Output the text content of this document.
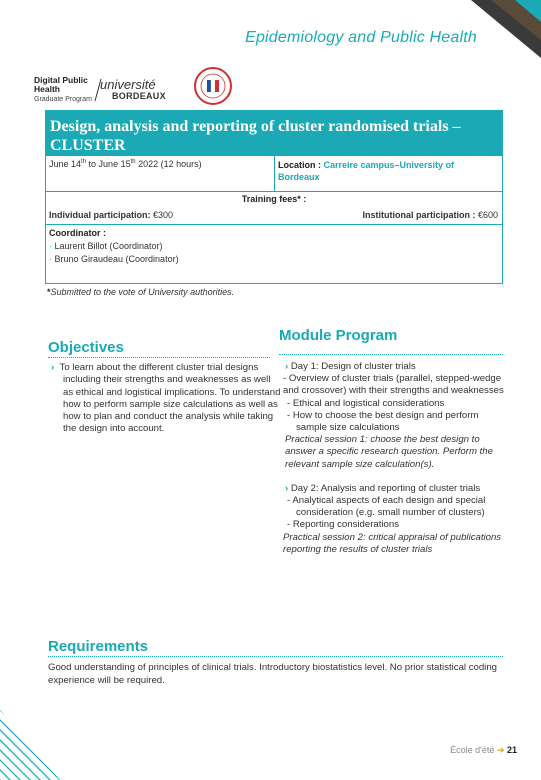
Epidemiology and Public Health
Digital Public
Health
Graduate Program
université
BORDEAUX
Design, analysis and reporting of cluster randomised trials – CLUSTER
June 14th to June 15th 2022 (12 hours)	Location : Carreire campus–University of Bordeaux
Training fees* :
Individual participation: €300	Institutional participation : €600
Coordinator :
· Laurent Billot (Coordinator)
· Bruno Giraudeau (Coordinator)
*Submitted to the vote of University authorities.
Module Program
Objectives
›  To learn about the different cluster trial designs including their strengths and weaknesses as well as ethical and logistical implications. To understand how to perform sample size calculations as well as how to plan and conduct the analysis while taking the design into account.
› Day 1: Design of cluster trials
- Overview of cluster trials (parallel, stepped-wedge and crossover) with their strengths and weaknesses
- Ethical and logistical considerations
- How to choose the best design and perform sample size calculations
Practical session 1: choose the best design to answer a specific research question. Perform the relevant sample size calculation(s).
› Day 2: Analysis and reporting of cluster trials
- Analytical aspects of each design and special consideration (e.g. small number of clusters)
- Reporting considerations
Practical session 2: critical appraisal of publications reporting the results of cluster trials
Requirements
Good understanding of principles of clinical trials. Introductory biostatistics level. No prior statistical coding experience will be required.
École d'été ➔ 21
